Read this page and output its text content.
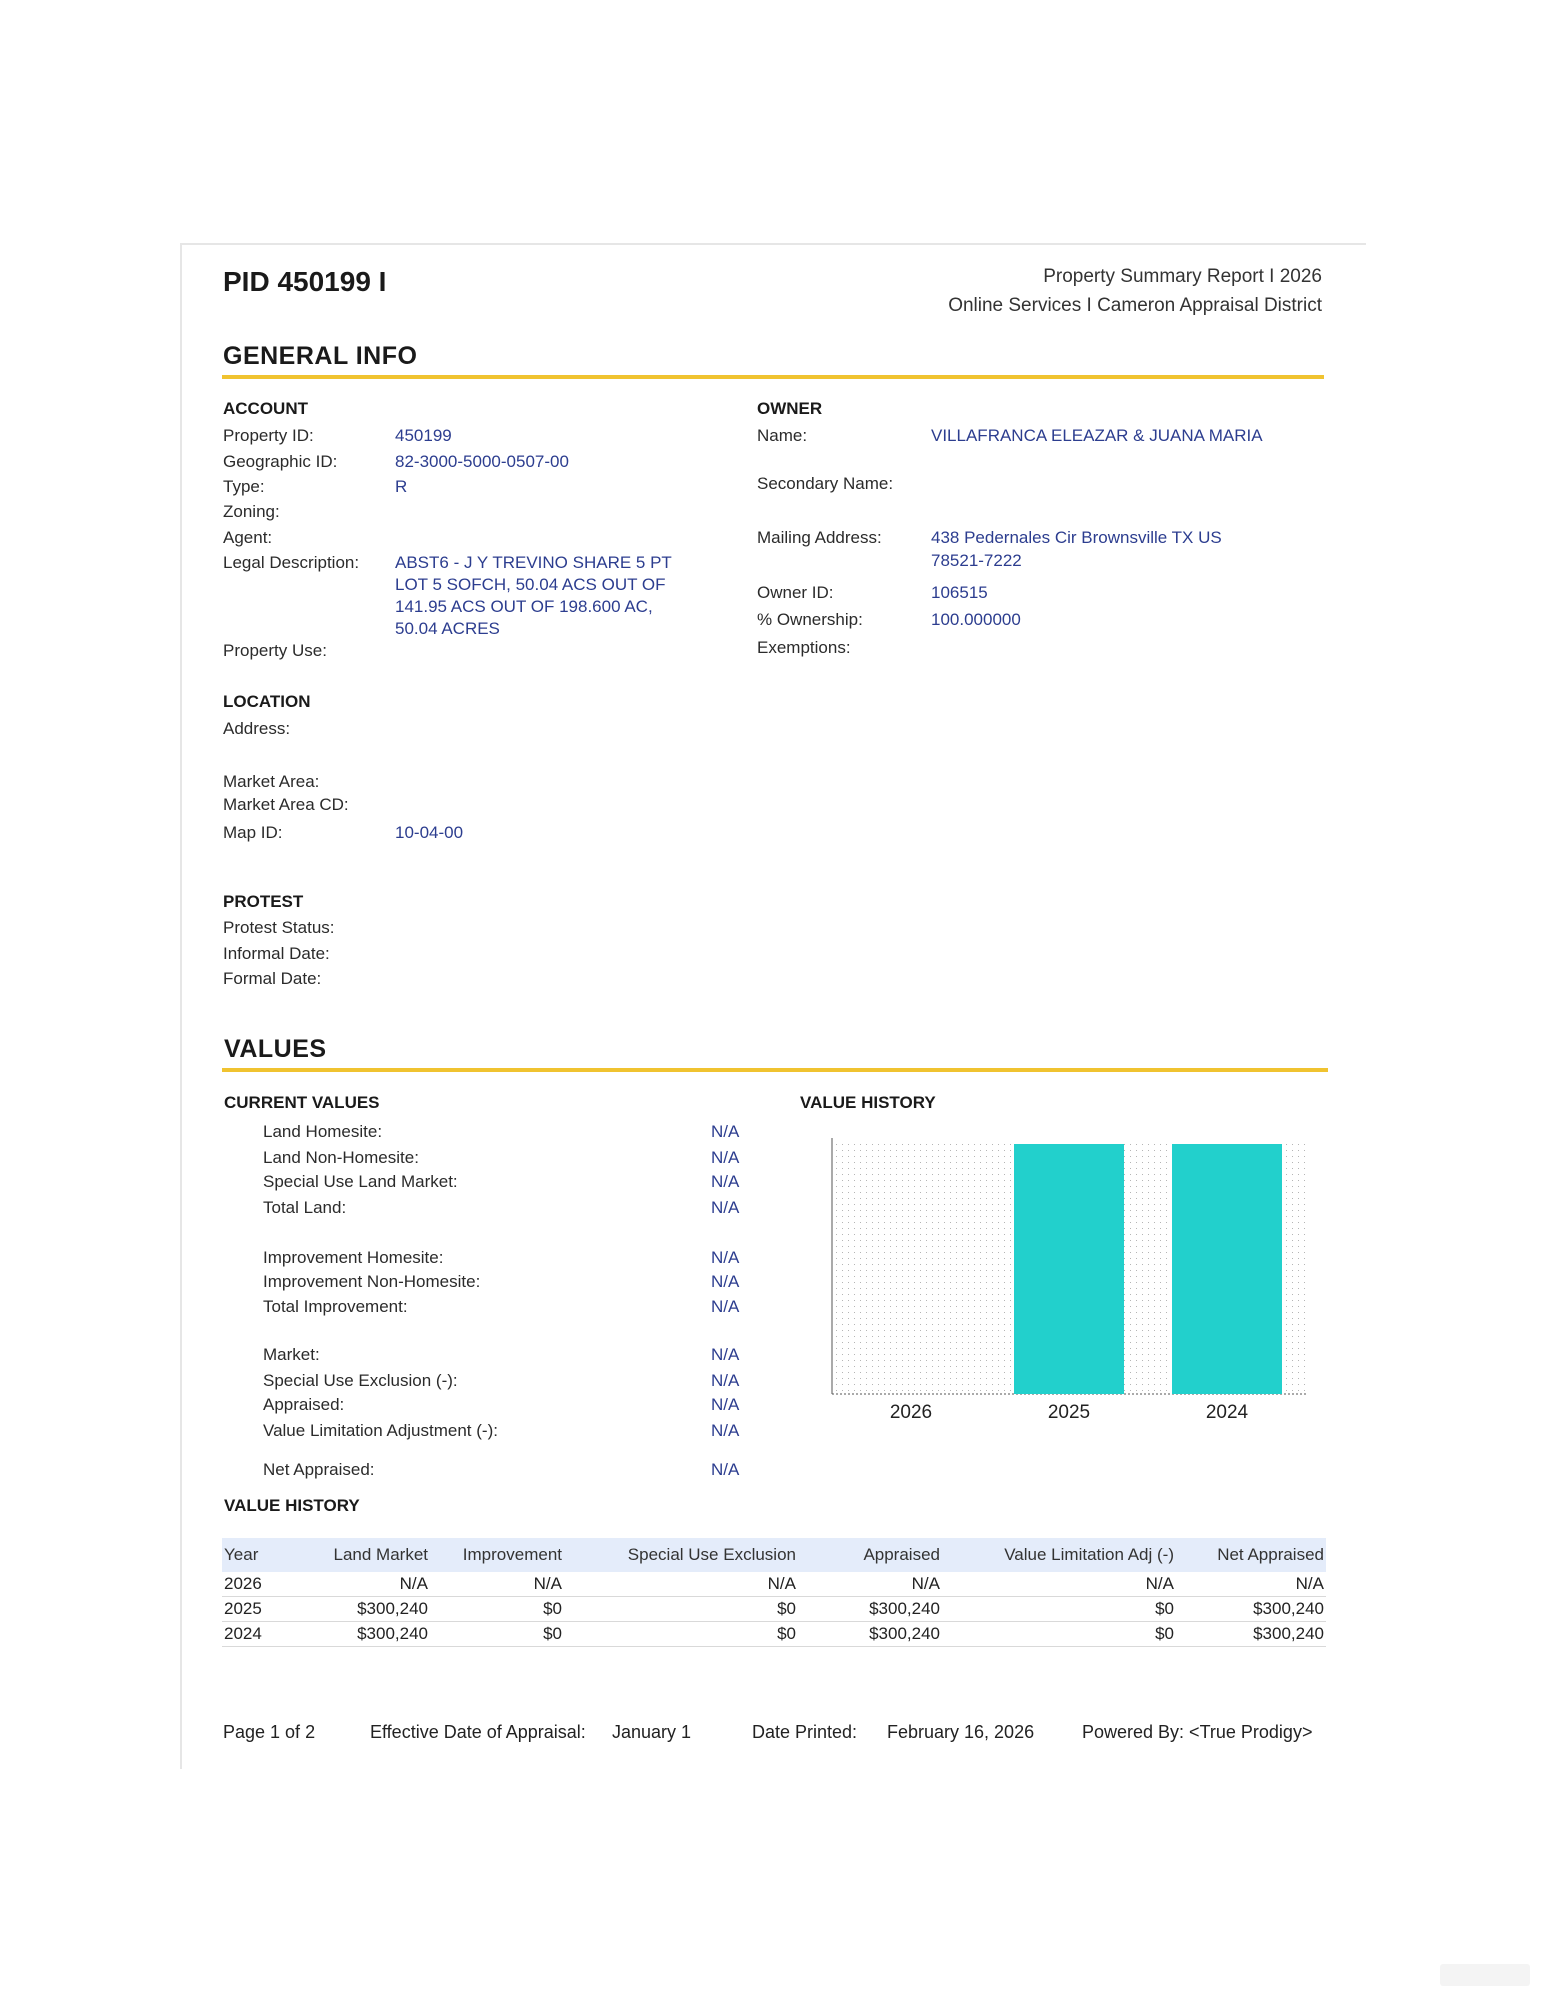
PID 450199 I	Property Summary Report I 2026
Online Services I Cameron Appraisal District
GENERAL INFO
ACCOUNT
Property ID:	450199
Geographic ID:	82-3000-5000-0507-00
Type:	R
Zoning:
Agent:
Legal Description: ABST6 - J Y TREVINO SHARE 5 PT
LOT 5 SOFCH, 50.04 ACS OUT OF
141.95 ACS OUT OF 198.600 AC,
50.04 ACRES
Property Use:
OWNER
Name:	VILLAFRANCA ELEAZAR & JUANA MARIA
Secondary Name:
Mailing Address:	438 Pedernales Cir Brownsville TX US
78521-7222
Owner ID:	106515
% Ownership:	100.000000
Exemptions:
LOCATION
Address:
Market Area:
Market Area CD:
Map ID:	10-04-00
PROTEST
Protest Status:
Informal Date:
Formal Date:
VALUES
CURRENT VALUES	VALUE HISTORY
Land Homesite:	N/A
Land Non-Homesite:	N/A
Special Use Land Market:	N/A
Total Land:	N/A
Improvement Homesite:	N/A
Improvement Non-Homesite:	N/A
Total Improvement:	N/A
Market:	N/A
Special Use Exclusion (-):	N/A
Appraised:	N/A
Value Limitation Adjustment (-):	N/A
Net Appraised:	N/A
2026	2025	2024
VALUE HISTORY
Year	Land Market	Improvement	Special Use Exclusion	Appraised	Value Limitation Adj (-)	Net Appraised
2026	N/A	N/A	N/A	N/A	N/A	N/A
2025	$300,240	$0	$0	$300,240	$0	$300,240
2024	$300,240	$0	$0	$300,240	$0	$300,240
Page 1 of 2	Effective Date of Appraisal: January 1	Date Printed: February 16, 2026	Powered By: <True Prodigy>
